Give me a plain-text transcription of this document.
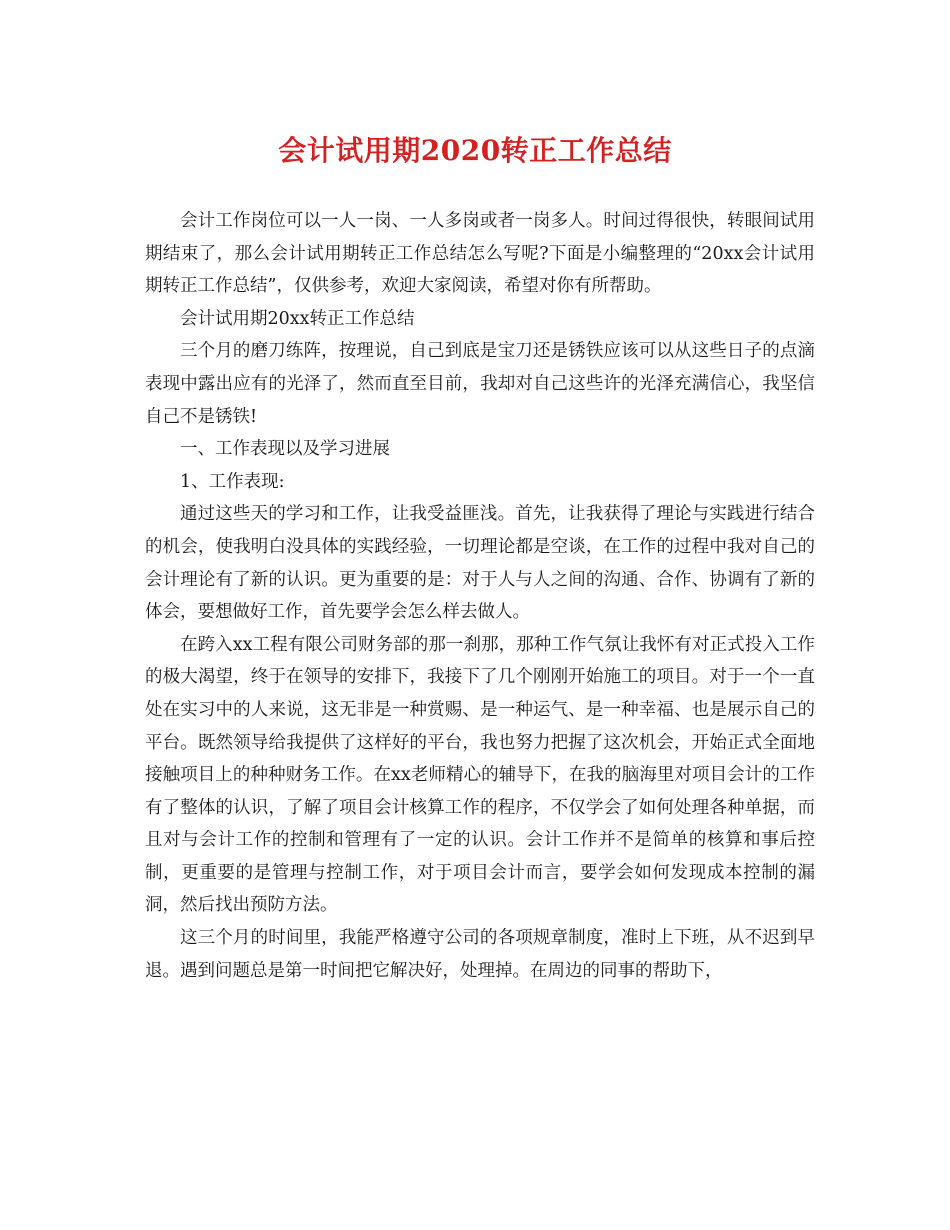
会计试用期2020转正工作总结

会计工作岗位可以一人一岗、一人多岗或者一岗多人。时间过得很快，转眼间试用期结束了，那么会计试用期转正工作总结怎么写呢?下面是小编整理的“20xx会计试用期转正工作总结”，仅供参考，欢迎大家阅读，希望对你有所帮助。

会计试用期20xx转正工作总结

三个月的磨刀练阵，按理说，自己到底是宝刀还是锈铁应该可以从这些日子的点滴表现中露出应有的光泽了，然而直至目前，我却对自己这些许的光泽充满信心，我坚信自己不是锈铁!

一、工作表现以及学习进展

1、工作表现:

通过这些天的学习和工作，让我受益匪浅。首先，让我获得了理论与实践进行结合的机会，使我明白没具体的实践经验，一切理论都是空谈，在工作的过程中我对自己的会计理论有了新的认识。更为重要的是：对于人与人之间的沟通、合作、协调有了新的体会，要想做好工作，首先要学会怎么样去做人。

在跨入xx工程有限公司财务部的那一刹那，那种工作气氛让我怀有对正式投入工作的极大渴望，终于在领导的安排下，我接下了几个刚刚开始施工的项目。对于一个一直处在实习中的人来说，这无非是一种赏赐、是一种运气、是一种幸福、也是展示自己的平台。既然领导给我提供了这样好的平台，我也努力把握了这次机会，开始正式全面地接触项目上的种种财务工作。在xx老师精心的辅导下，在我的脑海里对项目会计的工作有了整体的认识，了解了项目会计核算工作的程序，不仅学会了如何处理各种单据，而且对与会计工作的控制和管理有了一定的认识。会计工作并不是简单的核算和事后控制，更重要的是管理与控制工作，对于项目会计而言，要学会如何发现成本控制的漏洞，然后找出预防方法。

这三个月的时间里，我能严格遵守公司的各项规章制度，准时上下班，从不迟到早退。遇到问题总是第一时间把它解决好，处理掉。在周边的同事的帮助下，
